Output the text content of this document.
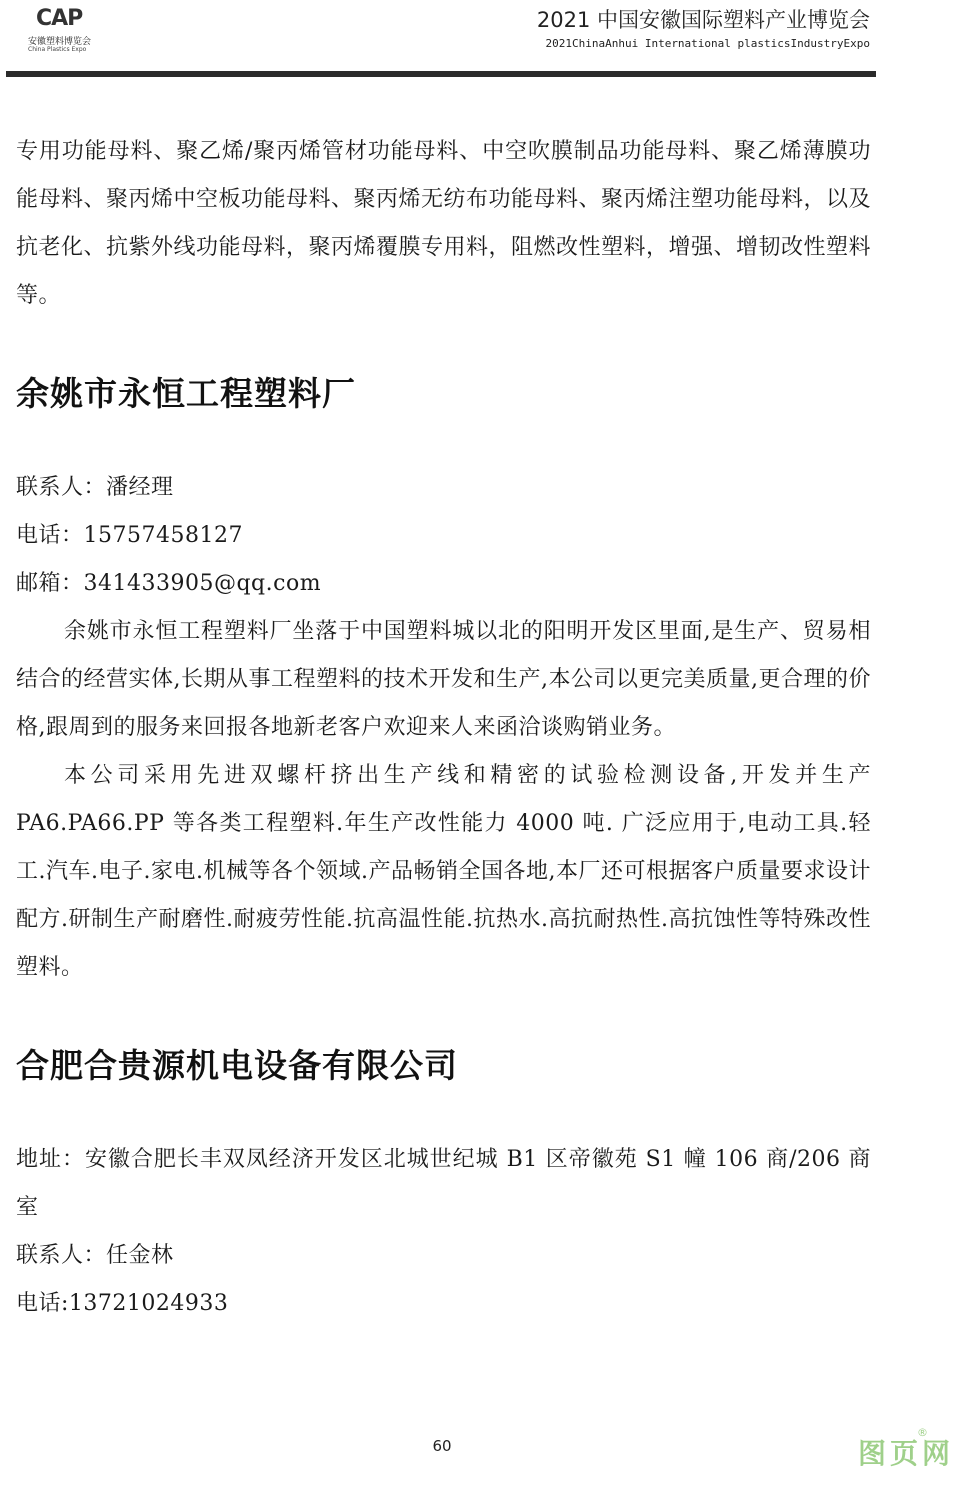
CAP
安徽塑料博览会
China Plastics Expo
2021 中国安徽国际塑料产业博览会
2021ChinaAnhui International plasticsIndustryExpo

专用功能母料、聚乙烯/聚丙烯管材功能母料、中空吹膜制品功能母料、聚乙烯薄膜功能母料、聚丙烯中空板功能母料、聚丙烯无纺布功能母料、聚丙烯注塑功能母料，以及抗老化、抗紫外线功能母料，聚丙烯覆膜专用料，阻燃改性塑料，增强、增韧改性塑料等。

余姚市永恒工程塑料厂

联系人：潘经理

电话：15757458127

邮箱：341433905@qq.com

余姚市永恒工程塑料厂坐落于中国塑料城以北的阳明开发区里面,是生产、贸易相结合的经营实体,长期从事工程塑料的技术开发和生产,本公司以更完美质量,更合理的价格,跟周到的服务来回报各地新老客户欢迎来人来函洽谈购销业务。

本公司采用先进双螺杆挤出生产线和精密的试验检测设备,开发并生产 PA6.PA66.PP 等各类工程塑料.年生产改性能力 4000 吨. 广泛应用于,电动工具.轻工.汽车.电子.家电.机械等各个领域.产品畅销全国各地,本厂还可根据客户质量要求设计配方.研制生产耐磨性.耐疲劳性能.抗高温性能.抗热水.高抗耐热性.高抗蚀性等特殊改性塑料。

合肥合贵源机电设备有限公司

地址：安徽合肥长丰双凤经济开发区北城世纪城 B1 区帝徽苑 S1 幢 106 商/206 商室

联系人：任金林

电话:13721024933

60	图页网
®
